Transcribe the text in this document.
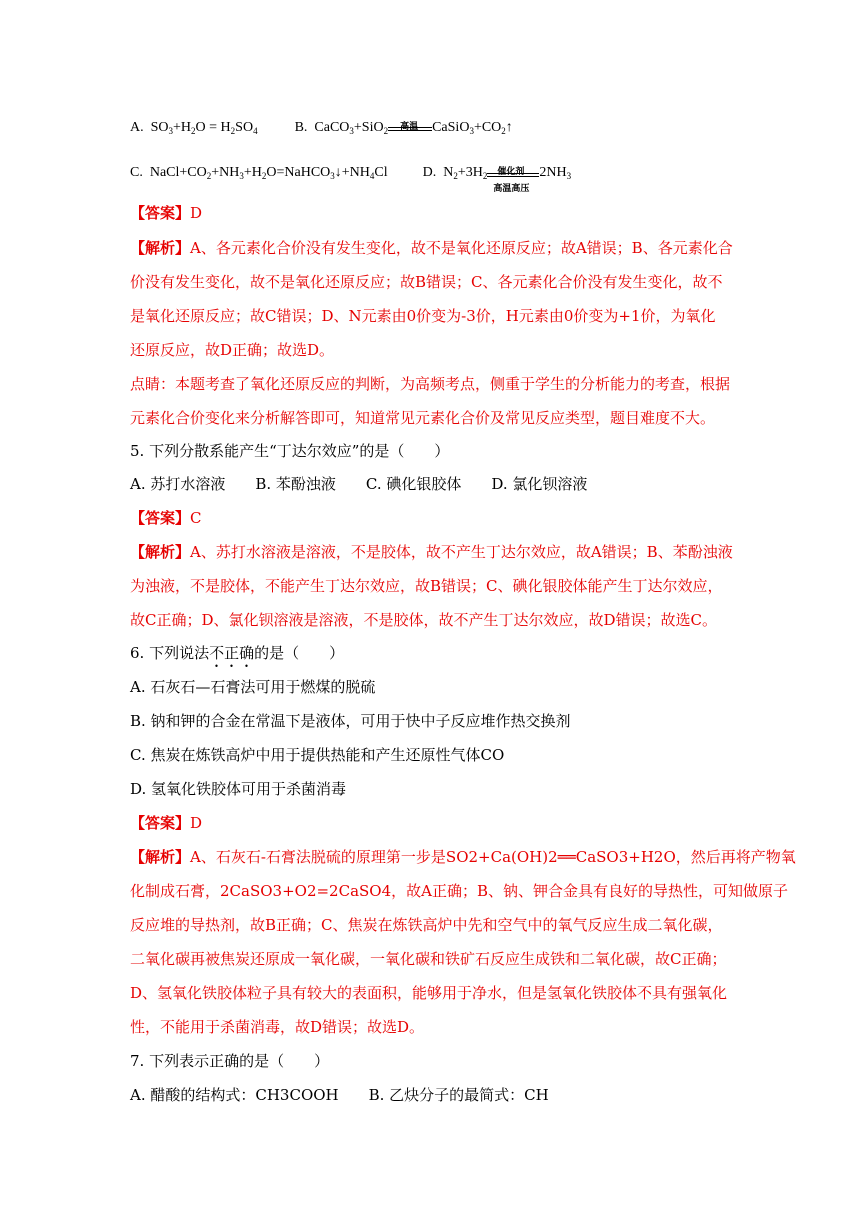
A.  $SO_3+H_2O = H_2SO_4$	B.  CaCO$_3$+SiO$_2$
高温 $CaSiO_3+CO_2↑$
C.  $NaCl+CO_2+NH_3+H_2O=NaHCO_3↓+NH_4Cl$	D.  $N_2+3H_2$
催化剂
高温高压
$2NH_3$
【答案】D
【解析】A、各元素化合价没有发生变化，故不是氧化还原反应；故A错误；B、各元素化合
价没有发生变化，故不是氧化还原反应；故B错误；C、各元素化合价没有发生变化，故不
是氧化还原反应；故C错误；D、N元素由0价变为-3价，H元素由0价变为+1价，为氧化
还原反应，故D正确；故选D。
点睛：本题考查了氧化还原反应的判断，为高频考点，侧重于学生的分析能力的考查，根据
元素化合价变化来分析解答即可，知道常见元素化合价及常见反应类型，题目难度不大。
5. 下列分散系能产生“丁达尔效应”的是（　　）
A. 苏打水溶液　　B. 苯酚浊液　　C. 碘化银胶体　　D. 氯化钡溶液
【答案】C
【解析】A、苏打水溶液是溶液，不是胶体，故不产生丁达尔效应，故A错误；B、苯酚浊液
为浊液，不是胶体，不能产生丁达尔效应，故B错误；C、碘化银胶体能产生丁达尔效应，
故C正确；D、氯化钡溶液是溶液，不是胶体，故不产生丁达尔效应，故D错误；故选C。
6. 下列说法不正确的是（　　）
A. 石灰石—石膏法可用于燃煤的脱硫
B. 钠和钾的合金在常温下是液体，可用于快中子反应堆作热交换剂
C. 焦炭在炼铁高炉中用于提供热能和产生还原性气体CO
D. 氢氧化铁胶体可用于杀菌消毒
【答案】D
【解析】A、石灰石-石膏法脱硫的原理第一步是SO2+Ca(OH)2══CaSO3+H2O，然后再将产物氧
化制成石膏，2CaSO3+O2=2CaSO4，故A正确；B、钠、钾合金具有良好的导热性，可知做原子
反应堆的导热剂，故B正确；C、焦炭在炼铁高炉中先和空气中的氧气反应生成二氧化碳，
二氧化碳再被焦炭还原成一氧化碳，一氧化碳和铁矿石反应生成铁和二氧化碳，故C正确；
D、氢氧化铁胶体粒子具有较大的表面积，能够用于净水，但是氢氧化铁胶体不具有强氧化
性，不能用于杀菌消毒，故D错误；故选D。
7. 下列表示正确的是（　　）
A. 醋酸的结构式：CH3COOH　　B. 乙炔分子的最简式：CH
